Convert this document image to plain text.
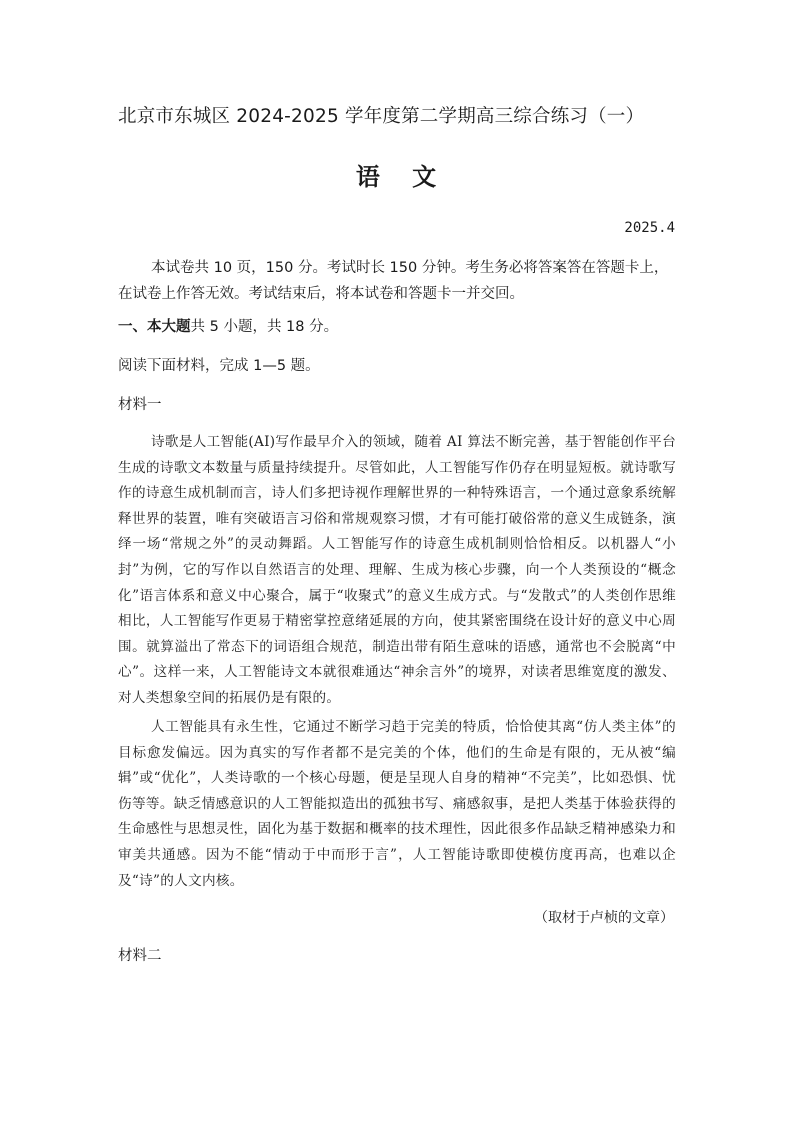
北京市东城区 2024-2025 学年度第二学期高三综合练习（一）
语 文
2025.4
本试卷共 10 页，150 分。考试时长 150 分钟。考生务必将答案答在答题卡上，在试卷上作答无效。考试结束后，将本试卷和答题卡一并交回。
一、本大题共 5 小题，共 18 分。
阅读下面材料，完成 1—5 题。
材料一
诗歌是人工智能(AI)写作最早介入的领域，随着 AI 算法不断完善，基于智能创作平台生成的诗歌文本数量与质量持续提升。尽管如此，人工智能写作仍存在明显短板。就诗歌写作的诗意生成机制而言，诗人们多把诗视作理解世界的一种特殊语言，一个通过意象系统解释世界的装置，唯有突破语言习俗和常规观察习惯，才有可能打破俗常的意义生成链条，演绎一场“常规之外”的灵动舞蹈。人工智能写作的诗意生成机制则恰恰相反。以机器人“小封”为例，它的写作以自然语言的处理、理解、生成为核心步骤，向一个人类预设的“概念化”语言体系和意义中心聚合，属于“收聚式”的意义生成方式。与“发散式”的人类创作思维相比，人工智能写作更易于精密掌控意绪延展的方向，使其紧密围绕在设计好的意义中心周围。就算溢出了常态下的词语组合规范，制造出带有陌生意味的语感，通常也不会脱离“中心”。这样一来，人工智能诗文本就很难通达“神余言外”的境界，对读者思维宽度的激发、对人类想象空间的拓展仍是有限的。
人工智能具有永生性，它通过不断学习趋于完美的特质，恰恰使其离“仿人类主体”的目标愈发偏远。因为真实的写作者都不是完美的个体，他们的生命是有限的，无从被“编辑”或“优化”，人类诗歌的一个核心母题，便是呈现人自身的精神“不完美”，比如恐惧、忧伤等等。缺乏情感意识的人工智能拟造出的孤独书写、痛感叙事，是把人类基于体验获得的生命感性与思想灵性，固化为基于数据和概率的技术理性，因此很多作品缺乏精神感染力和审美共通感。因为不能“情动于中而形于言”，人工智能诗歌即使模仿度再高，也难以企及“诗”的人文内核。
（取材于卢桢的文章）
材料二
